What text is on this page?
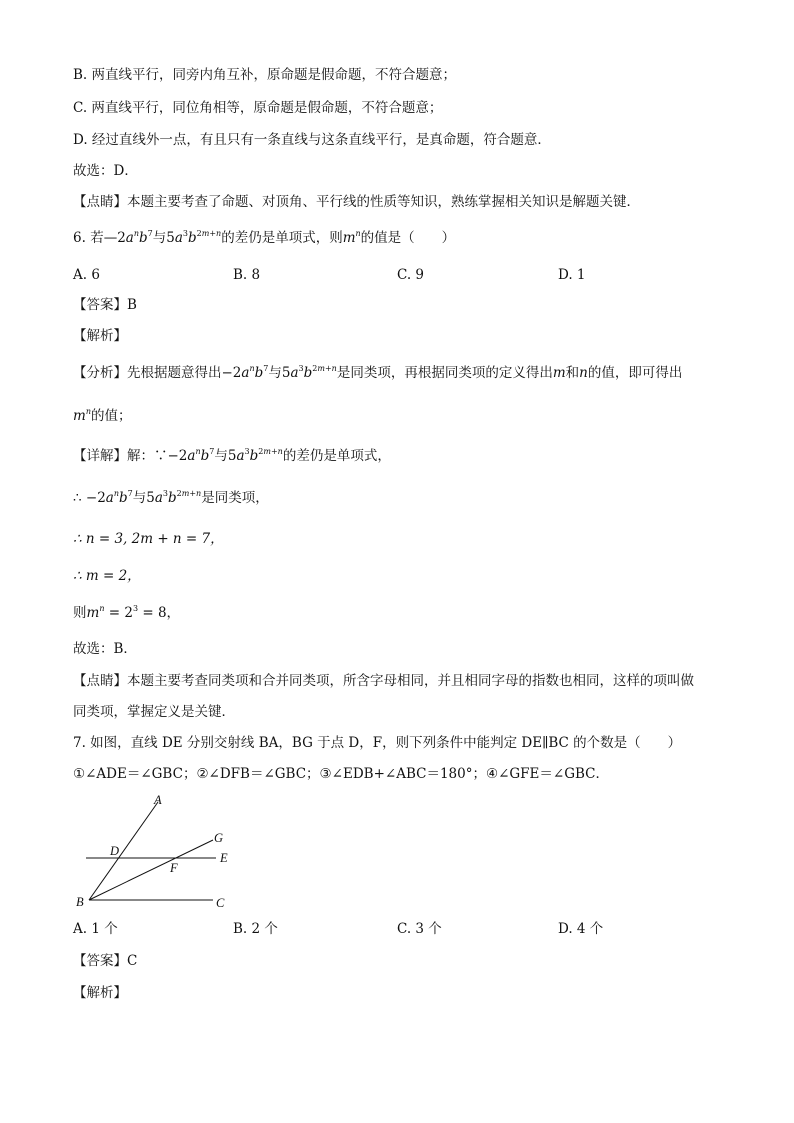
B. 两直线平行，同旁内角互补，原命题是假命题，不符合题意；
C. 两直线平行，同位角相等，原命题是假命题，不符合题意；
D. 经过直线外一点，有且只有一条直线与这条直线平行，是真命题，符合题意．
故选：D．
【点睛】本题主要考查了命题、对顶角、平行线的性质等知识，熟练掌握相关知识是解题关键．
6. 若$—2a^nb^7$与$5a^3b^{2m+n}$的差仍是单项式，则$m^n$的值是（　　）
A. 6	B. 8	C. 9	D. 1
【答案】B
【解析】
【分析】先根据题意得出$-2a^nb^7$与$5a^3b^{2m+n}$是同类项，再根据同类项的定义得出m和n的值，即可得出
$m^n$的值；
【详解】解：$\because-2a^nb^7$与$5a^3b^{2m+n}$的差仍是单项式，
∴ $-2a^nb^7$与$5a^3b^{2m+n}$是同类项，
∴ n = 3, 2m + n = 7，
∴ m = 2，
则$m^n = 2^3 = 8$，
故选：B．
【点睛】本题主要考查同类项和合并同类项，所含字母相同，并且相同字母的指数也相同，这样的项叫做
同类项，掌握定义是关键．
7. 如图，直线 DE 分别交射线 BA，BG 于点 D，F，则下列条件中能判定 DE∥BC 的个数是（　　）
①∠ADE＝∠GBC；②∠DFB＝∠GBC；③∠EDB+∠ABC＝180°；④∠GFE＝∠GBC．
A
G
D	E
F
B	C
A. 1 个	B. 2 个	C. 3 个	D. 4 个
【答案】C
【解析】
